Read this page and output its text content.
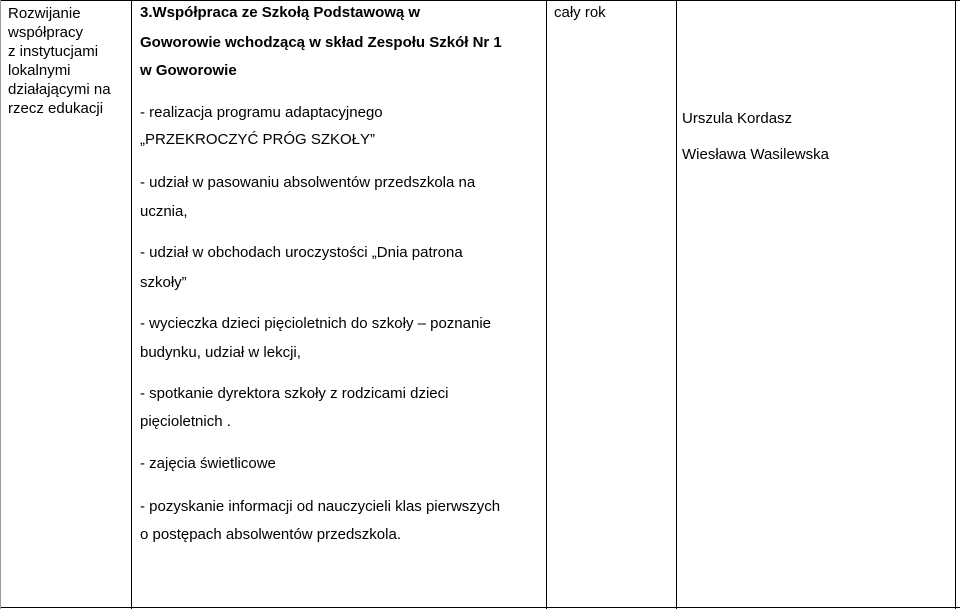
Rozwijanie
współpracy
z instytucjami
lokalnymi
działającymi na
rzecz edukacji
3.Współpraca ze Szkołą Podstawową w
Goworowie wchodzącą w skład Zespołu Szkół Nr 1
w Goworowie
- realizacja programu adaptacyjnego
„PRZEKROCZYĆ PRÓG SZKOŁY”
- udział w pasowaniu absolwentów przedszkola na
ucznia,
- udział w obchodach uroczystości „Dnia patrona
szkoły”
- wycieczka dzieci pięcioletnich do szkoły – poznanie
budynku, udział w lekcji,
- spotkanie dyrektora szkoły z rodzicami dzieci
pięcioletnich .
- zajęcia świetlicowe
- pozyskanie informacji od nauczycieli klas pierwszych
o postępach absolwentów przedszkola.
cały rok
Urszula Kordasz
Wiesława Wasilewska
